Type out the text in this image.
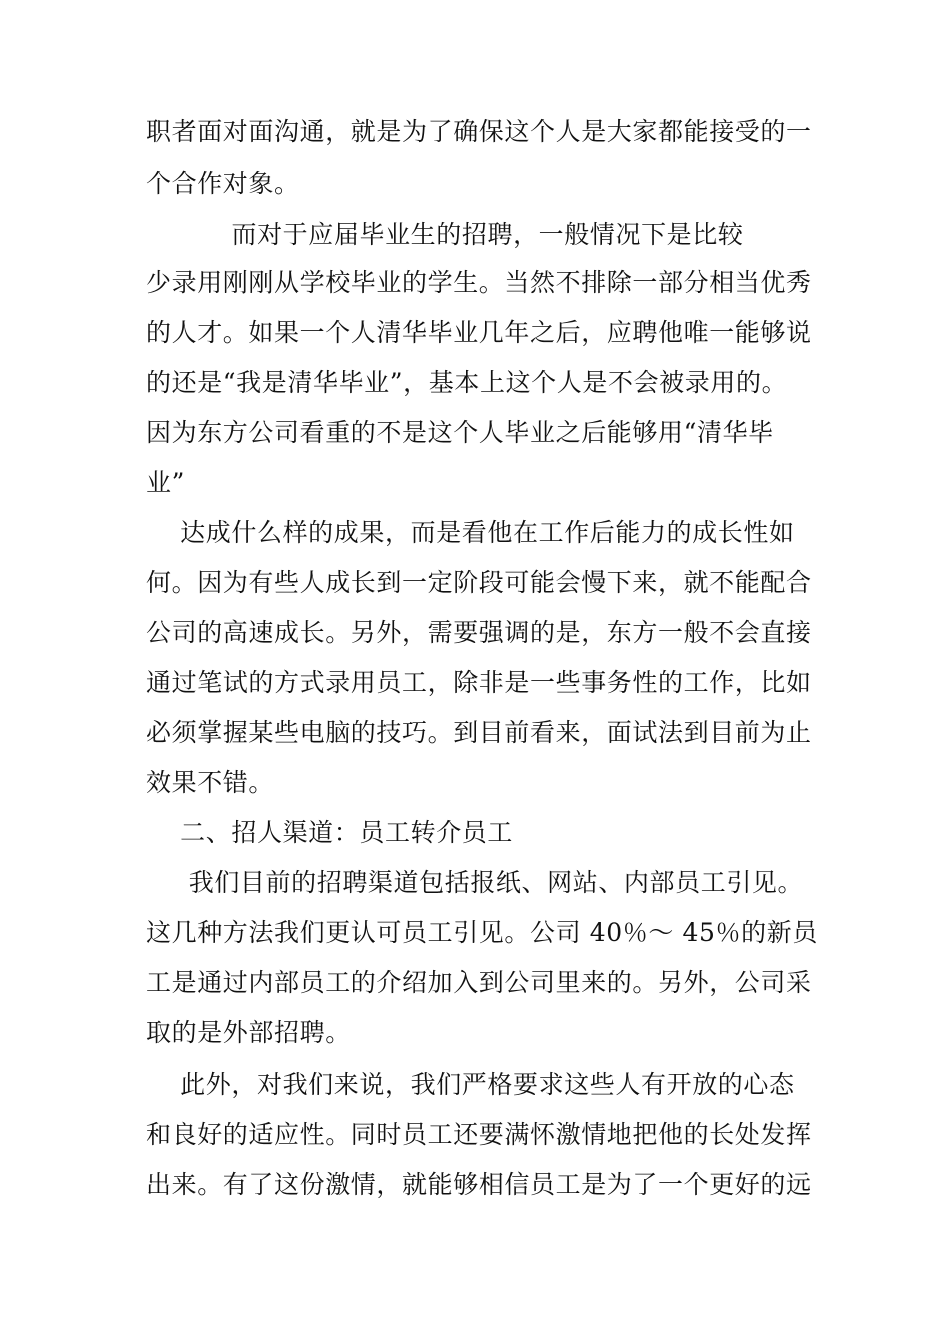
职者面对面沟通，就是为了确保这个人是大家都能接受的一
个合作对象。
而对于应届毕业生的招聘，一般情况下是比较
少录用刚刚从学校毕业的学生。当然不排除一部分相当优秀
的人才。如果一个人清华毕业几年之后，应聘他唯一能够说
的还是“我是清华毕业”，基本上这个人是不会被录用的。
因为东方公司看重的不是这个人毕业之后能够用“清华毕
业”
达成什么样的成果，而是看他在工作后能力的成长性如
何。因为有些人成长到一定阶段可能会慢下来，就不能配合
公司的高速成长。另外，需要强调的是，东方一般不会直接
通过笔试的方式录用员工，除非是一些事务性的工作，比如
必须掌握某些电脑的技巧。到目前看来，面试法到目前为止
效果不错。
二、招人渠道：员工转介员工
我们目前的招聘渠道包括报纸、网站、内部员工引见。
这几种方法我们更认可员工引见。公司 40％～ 45％的新员
工是通过内部员工的介绍加入到公司里来的。另外，公司采
取的是外部招聘。
此外，对我们来说，我们严格要求这些人有开放的心态
和良好的适应性。同时员工还要满怀激情地把他的长处发挥
出来。有了这份激情，就能够相信员工是为了一个更好的远
